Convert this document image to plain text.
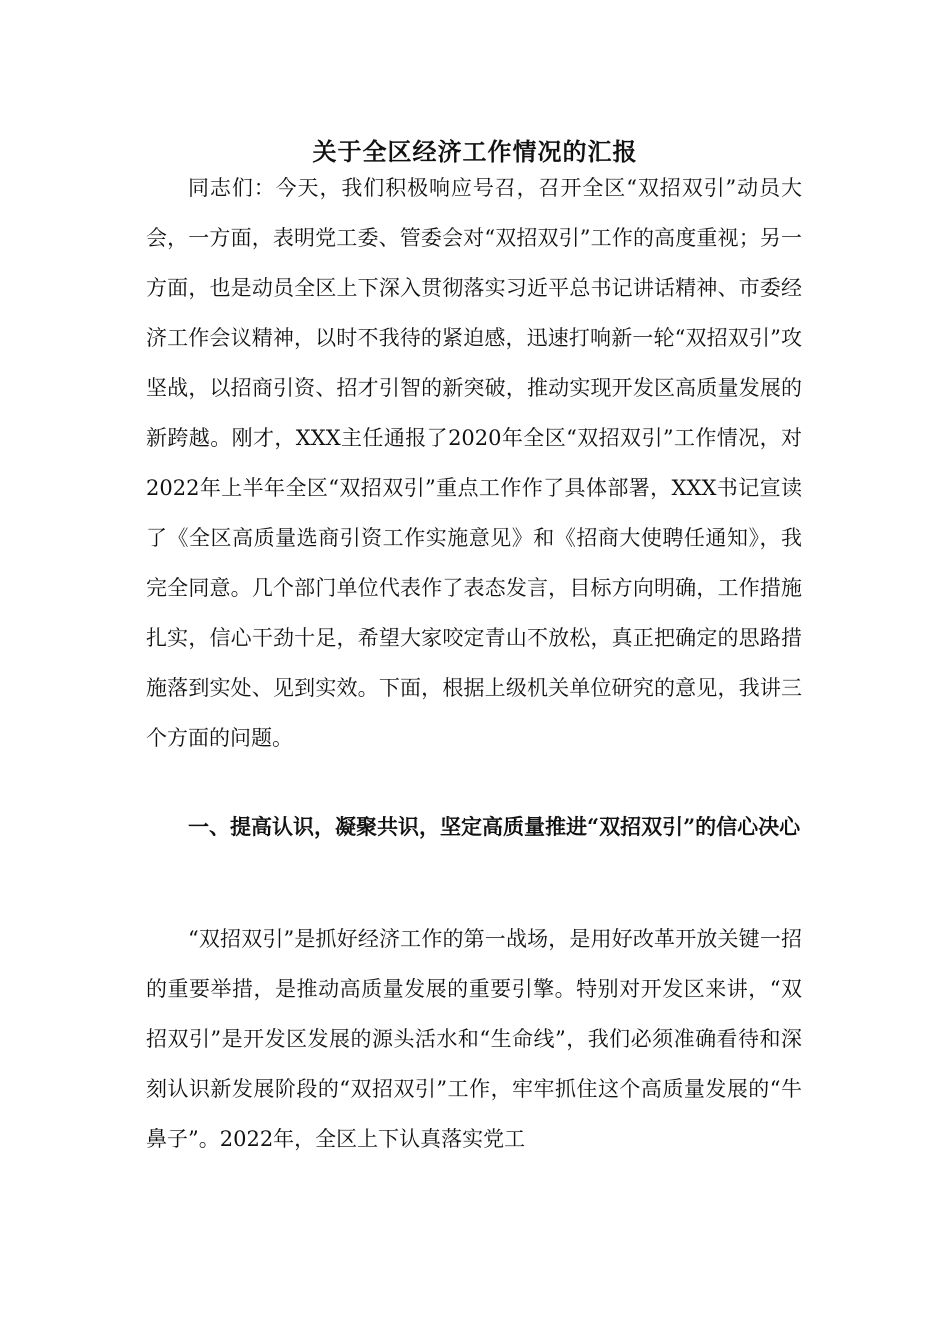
关于全区经济工作情况的汇报

同志们：今天，我们积极响应号召，召开全区“双招双引”动员大会，一方面，表明党工委、管委会对“双招双引”工作的高度重视；另一方面，也是动员全区上下深入贯彻落实习近平总书记讲话精神、市委经济工作会议精神，以时不我待的紧迫感，迅速打响新一轮“双招双引”攻坚战，以招商引资、招才引智的新突破，推动实现开发区高质量发展的新跨越。刚才，XXX主任通报了2020年全区“双招双引”工作情况，对2022年上半年全区“双招双引”重点工作作了具体部署，XXX书记宣读了《全区高质量选商引资工作实施意见》和《招商大使聘任通知》，我完全同意。几个部门单位代表作了表态发言，目标方向明确，工作措施扎实，信心干劲十足，希望大家咬定青山不放松，真正把确定的思路措施落到实处、见到实效。下面，根据上级机关单位研究的意见，我讲三个方面的问题。

一、提高认识，凝聚共识，坚定高质量推进“双招双引”的信心决心

“双招双引”是抓好经济工作的第一战场，是用好改革开放关键一招的重要举措，是推动高质量发展的重要引擎。特别对开发区来讲，“双招双引”是开发区发展的源头活水和“生命线”，我们必须准确看待和深刻认识新发展阶段的“双招双引”工作，牢牢抓住这个高质量发展的“牛鼻子”。2022年，全区上下认真落实党工
